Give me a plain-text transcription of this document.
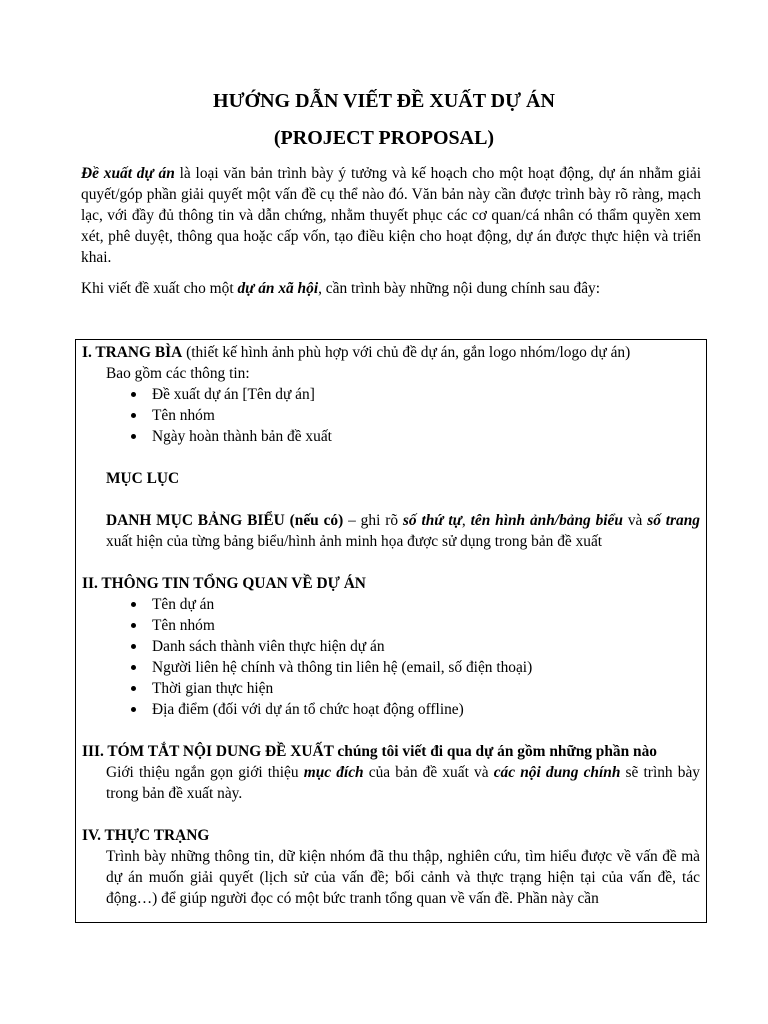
HƯỚNG DẪN VIẾT ĐỀ XUẤT DỰ ÁN
(PROJECT PROPOSAL)
Đề xuất dự án là loại văn bản trình bày ý tưởng và kế hoạch cho một hoạt động, dự án nhằm giải quyết/góp phần giải quyết một vấn đề cụ thể nào đó. Văn bản này cần được trình bày rõ ràng, mạch lạc, với đầy đủ thông tin và dẫn chứng, nhằm thuyết phục các cơ quan/cá nhân có thẩm quyền xem xét, phê duyệt, thông qua hoặc cấp vốn, tạo điều kiện cho hoạt động, dự án được thực hiện và triển khai.
Khi viết đề xuất cho một dự án xã hội, cần trình bày những nội dung chính sau đây:

I. TRANG BÌA (thiết kế hình ảnh phù hợp với chủ đề dự án, gắn logo nhóm/logo dự án)

Bao gồm các thông tin:

Đề xuất dự án [Tên dự án]
Tên nhóm
Ngày hoàn thành bản đề xuất

MỤC LỤC

DANH MỤC BẢNG BIỂU (nếu có) – ghi rõ số thứ tự, tên hình ảnh/bảng biểu và số trang xuất hiện của từng bảng biểu/hình ảnh minh họa được sử dụng trong bản đề xuất

II. THÔNG TIN TỔNG QUAN VỀ DỰ ÁN

Tên dự án
Tên nhóm
Danh sách thành viên thực hiện dự án
Người liên hệ chính và thông tin liên hệ (email, số điện thoại)
Thời gian thực hiện
Địa điểm (đối với dự án tổ chức hoạt động offline)

III. TÓM TẮT NỘI DUNG ĐỀ XUẤT chúng tôi viết đi qua dự án gồm những phần nào

Giới thiệu ngắn gọn giới thiệu mục đích của bản đề xuất và các nội dung chính sẽ trình bày trong bản đề xuất này.

IV. THỰC TRẠNG

Trình bày những thông tin, dữ kiện nhóm đã thu thập, nghiên cứu, tìm hiểu được về vấn đề mà dự án muốn giải quyết (lịch sử của vấn đề; bối cảnh và thực trạng hiện tại của vấn đề, tác động…) để giúp người đọc có một bức tranh tổng quan về vấn đề. Phần này cần
